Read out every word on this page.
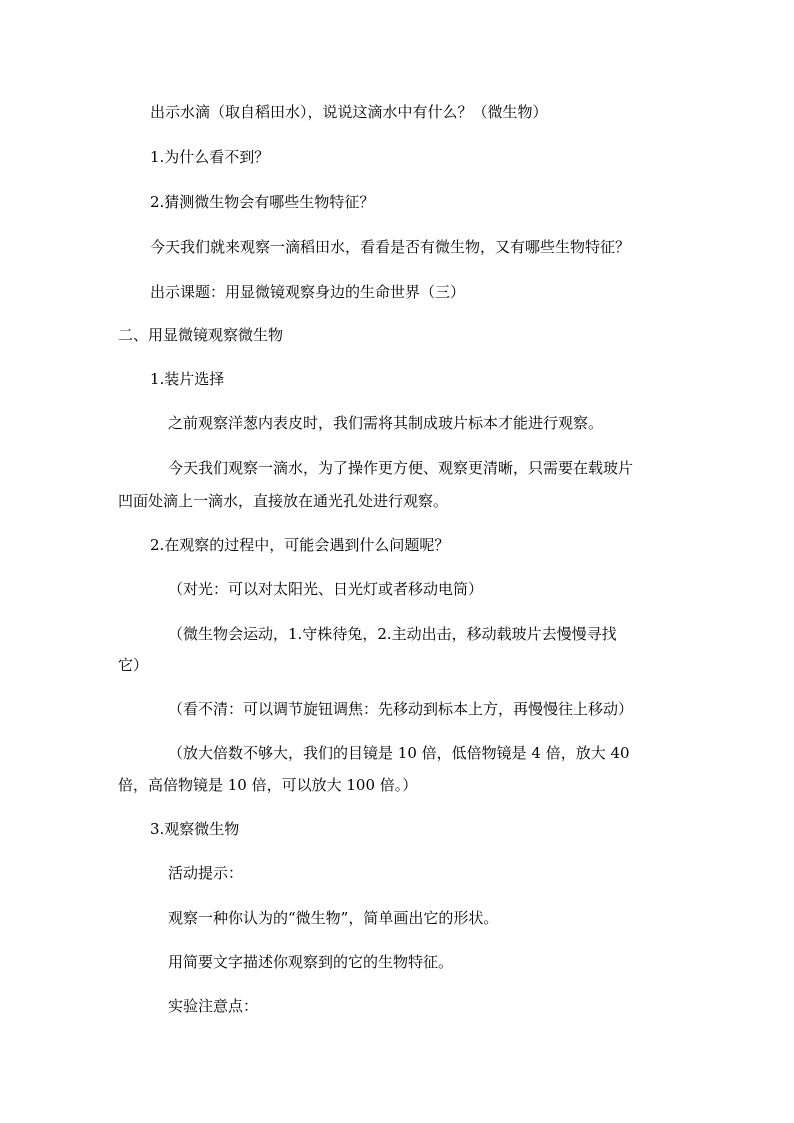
出示水滴（取自稻田水），说说这滴水中有什么？（微生物）
1.为什么看不到？
2.猜测微生物会有哪些生物特征？
今天我们就来观察一滴稻田水，看看是否有微生物，又有哪些生物特征？
出示课题：用显微镜观察身边的生命世界（三）
二、用显微镜观察微生物
1.装片选择
之前观察洋葱内表皮时，我们需将其制成玻片标本才能进行观察。
今天我们观察一滴水，为了操作更方便、观察更清晰，只需要在载玻片
凹面处滴上一滴水，直接放在通光孔处进行观察。
2.在观察的过程中，可能会遇到什么问题呢？
（对光：可以对太阳光、日光灯或者移动电筒）
（微生物会运动，1.守株待兔，2.主动出击，移动载玻片去慢慢寻找
它）
（看不清：可以调节旋钮调焦：先移动到标本上方，再慢慢往上移动）
（放大倍数不够大，我们的目镜是 10 倍，低倍物镜是 4 倍，放大 40
倍，高倍物镜是 10 倍，可以放大 100 倍。）
3.观察微生物
活动提示：
观察一种你认为的“微生物”，简单画出它的形状。
用简要文字描述你观察到的它的生物特征。
实验注意点：
